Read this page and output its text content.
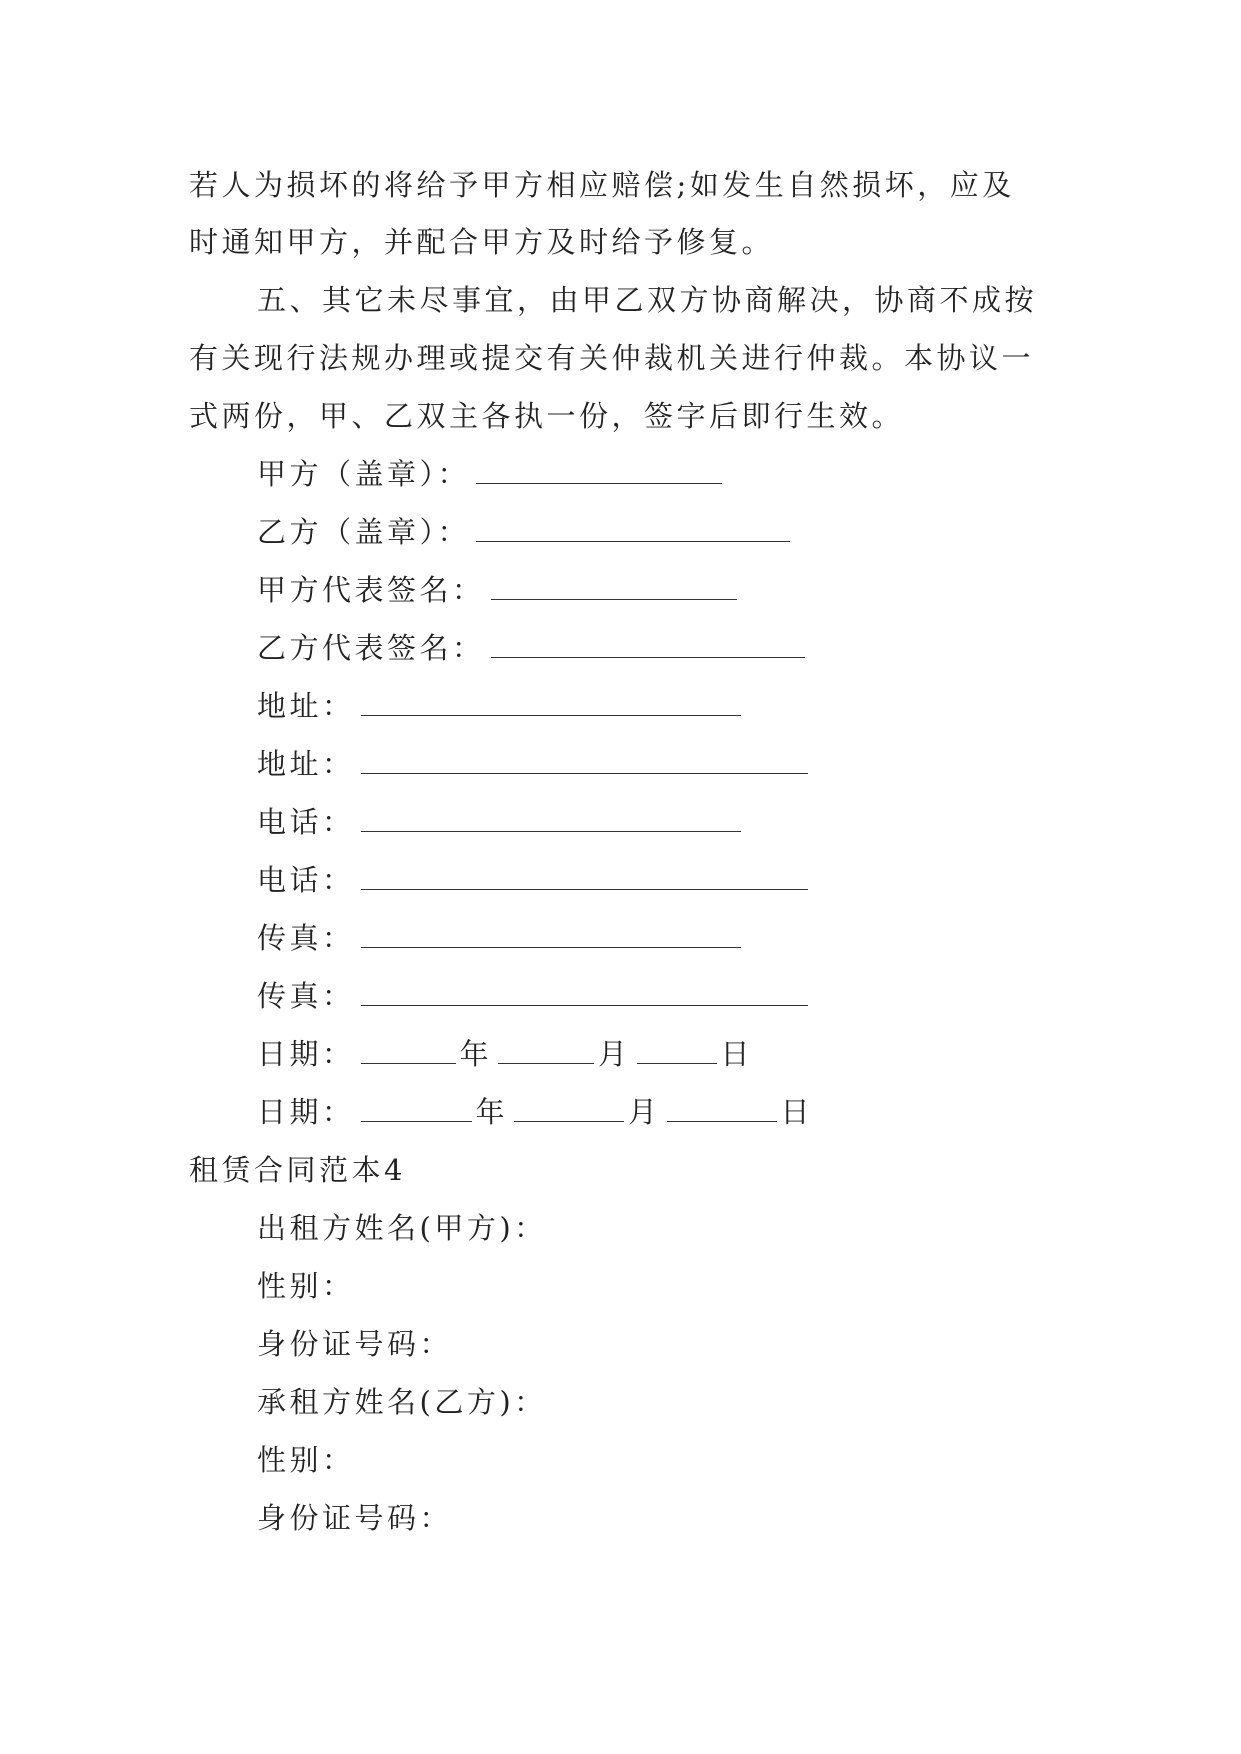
若人为损坏的将给予甲方相应赔偿;如发生自然损坏，应及
时通知甲方，并配合甲方及时给予修复。
五、其它未尽事宜，由甲乙双方协商解决，协商不成按
有关现行法规办理或提交有关仲裁机关进行仲裁。本协议一
式两份，甲、乙双主各执一份，签字后即行生效。
甲方（盖章）：
乙方（盖章）：
甲方代表签名：
乙方代表签名：
地址：
地址：
电话：
电话：
传真：
传真：
日期：	年	月	日
日期：	年	月	日
租赁合同范本4
出租方姓名(甲方)：
性别：
身份证号码：
承租方姓名(乙方)：
性别：
身份证号码：
